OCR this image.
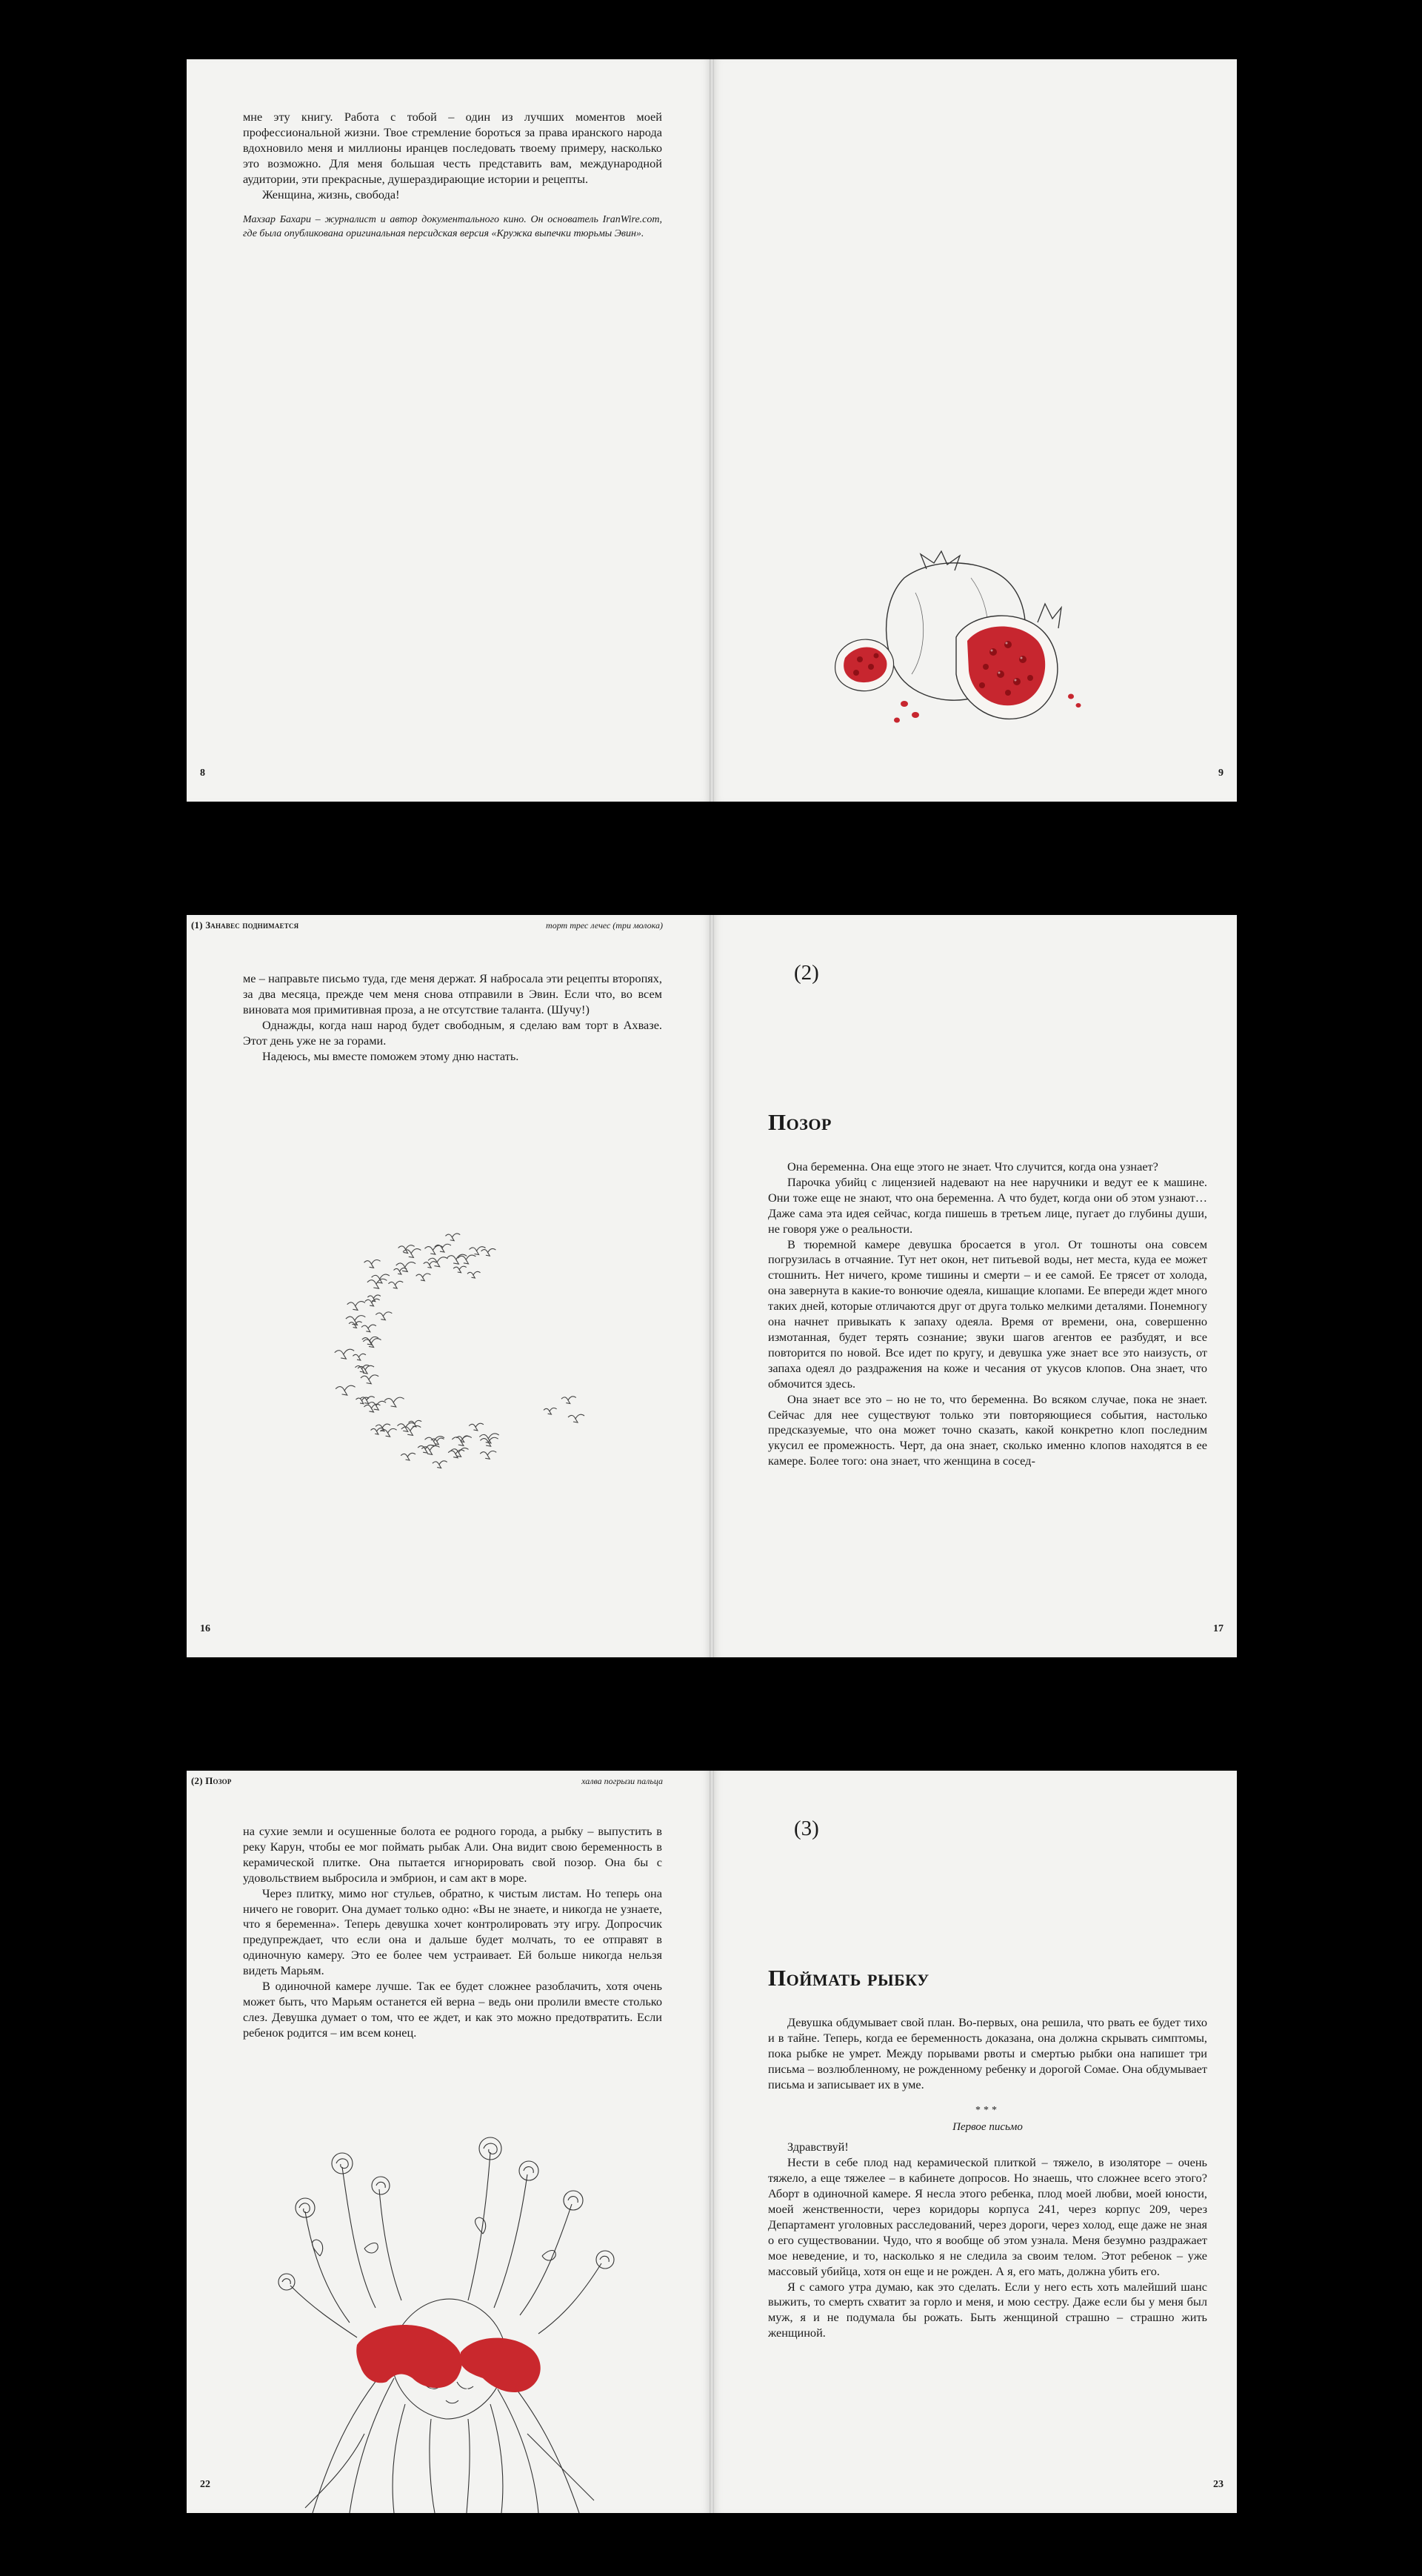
мне эту книгу. Работа с тобой – один из лучших моментов моей профессиональной жизни. Твое стремление бороться за права иранского народа вдохновило меня и миллионы иранцев последовать твоему примеру, насколько это возможно. Для меня большая честь представить вам, международной аудитории, эти прекрасные, душераздирающие истории и рецепты.

Женщина, жизнь, свобода!

Махзар Бахари – журналист и автор документального кино. Он основатель IranWire.com, где была опубликована оригинальная персидская версия «Кружка выпечки тюрьмы Эвин».

8	9
(1) Занавес поднимается	торт трес лечес (три молока)

ме – направьте письмо туда, где меня держат. Я набросала эти рецепты второпях, за два месяца, прежде чем меня снова отправили в Эвин. Если что, во всем виновата моя примитивная проза, а не отсутствие таланта. (Шучу!)

Однажды, когда наш народ будет свободным, я сделаю вам торт в Ахвазе. Этот день уже не за горами.

Надеюсь, мы вместе поможем этому дню настать.

16
(2)
Позор

Она беременна. Она еще этого не знает. Что случится, когда она узнает?

Парочка убийц с лицензией надевают на нее наручники и ведут ее к машине. Они тоже еще не знают, что она беременна. А что будет, когда они об этом узнают… Даже сама эта идея сейчас, когда пишешь в третьем лице, пугает до глубины души, не говоря уже о реальности.

В тюремной камере девушка бросается в угол. От тошноты она совсем погрузилась в отчаяние. Тут нет окон, нет питьевой воды, нет места, куда ее может стошнить. Нет ничего, кроме тишины и смерти – и ее самой. Ее трясет от холода, она завернута в какие-то вонючие одеяла, кишащие клопами. Ее впереди ждет много таких дней, которые отличаются друг от друга только мелкими деталями. Понемногу она начнет привыкать к запаху одеяла. Время от времени, она, совершенно измотанная, будет терять сознание; звуки шагов агентов ее разбудят, и все повторится по новой. Все идет по кругу, и девушка уже знает все это наизусть, от запаха одеял до раздражения на коже и чесания от укусов клопов. Она знает, что обмочится здесь.

Она знает все это – но не то, что беременна. Во всяком случае, пока не знает. Сейчас для нее существуют только эти повторяющиеся события, настолько предсказуемые, что она может точно сказать, какой конкретно клоп последним укусил ее промежность. Черт, да она знает, сколько именно клопов находятся в ее камере. Более того: она знает, что женщина в сосед-

17
(2) Позор	халва погрызи пальца

на сухие земли и осушенные болота ее родного города, а рыбку – выпустить в реку Карун, чтобы ее мог поймать рыбак Али. Она видит свою беременность в керамической плитке. Она пытается игнорировать свой позор. Она бы с удовольствием выбросила и эмбрион, и сам акт в море.

Через плитку, мимо ног стульев, обратно, к чистым листам. Но теперь она ничего не говорит. Она думает только одно: «Вы не знаете, и никогда не узнаете, что я беременна». Теперь девушка хочет контролировать эту игру. Допросчик предупреждает, что если она и дальше будет молчать, то ее отправят в одиночную камеру. Это ее более чем устраивает. Ей больше никогда нельзя видеть Марьям.

В одиночной камере лучше. Так ее будет сложнее разоблачить, хотя очень может быть, что Марьям останется ей верна – ведь они пролили вместе столько слез. Девушка думает о том, что ее ждет, и как это можно предотвратить. Если ребенок родится – им всем конец.

22
(3)
Поймать рыбку

Девушка обдумывает свой план. Во-первых, она решила, что рвать ее будет тихо и в тайне. Теперь, когда ее беременность доказана, она должна скрывать симптомы, пока рыбке не умрет. Между порывами рвоты и смертью рыбки она напишет три письма – возлюбленному, не рожденному ребенку и дорогой Сомае. Она обдумывает письма и записывает их в уме.

***
Первое письмо

Здравствуй!

Нести в себе плод над керамической плиткой – тяжело, в изоляторе – очень тяжело, а еще тяжелее – в кабинете допросов. Но знаешь, что сложнее всего этого? Аборт в одиночной камере. Я несла этого ребенка, плод моей любви, моей юности, моей женственности, через коридоры корпуса 241, через корпус 209, через Департамент уголовных расследований, через дороги, через холод, еще даже не зная о его существовании. Чудо, что я вообще об этом узнала. Меня безумно раздражает мое неведение, и то, насколько я не следила за своим телом. Этот ребенок – уже массовый убийца, хотя он еще и не рожден. А я, его мать, должна убить его.

Я с самого утра думаю, как это сделать. Если у него есть хоть малейший шанс выжить, то смерть схватит за горло и меня, и мою сестру. Даже если бы у меня был муж, я и не подумала бы рожать. Быть женщиной страшно – страшно жить женщиной.

23
